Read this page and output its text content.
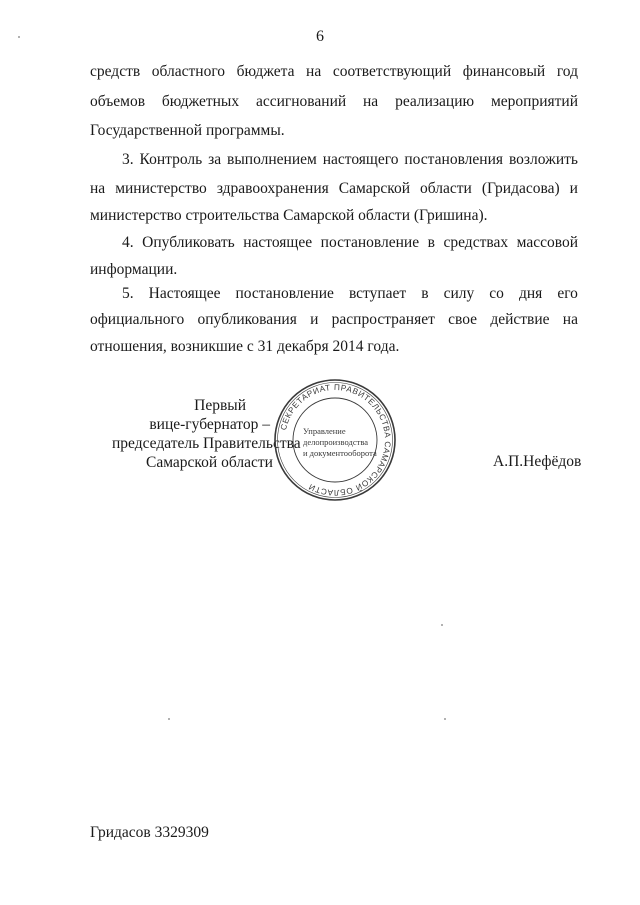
6
средств областного бюджета на соответствующий финансовый год
объемов бюджетных ассигнований на реализацию мероприятий
Государственной программы.
3. Контроль за выполнением настоящего постановления возложить
на министерство здравоохранения Самарской области (Гридасова) и
министерство строительства Самарской области (Гришина).
4. Опубликовать настоящее постановление в средствах массовой
информации.
5. Настоящее постановление вступает в силу со дня его
официального опубликования и распространяет свое действие на
отношения, возникшие с 31 декабря 2014 года.
Первый
вице-губернатор –
председатель Правительства
Самарской области
СЕКРЕТАРИАТ ПРАВИТЕЛЬСТВА САМАРСКОЙ ОБЛАСТИ
Управление
делопроизводства
и документооборота	А.П.Нефёдов
Гридасов 3329309
